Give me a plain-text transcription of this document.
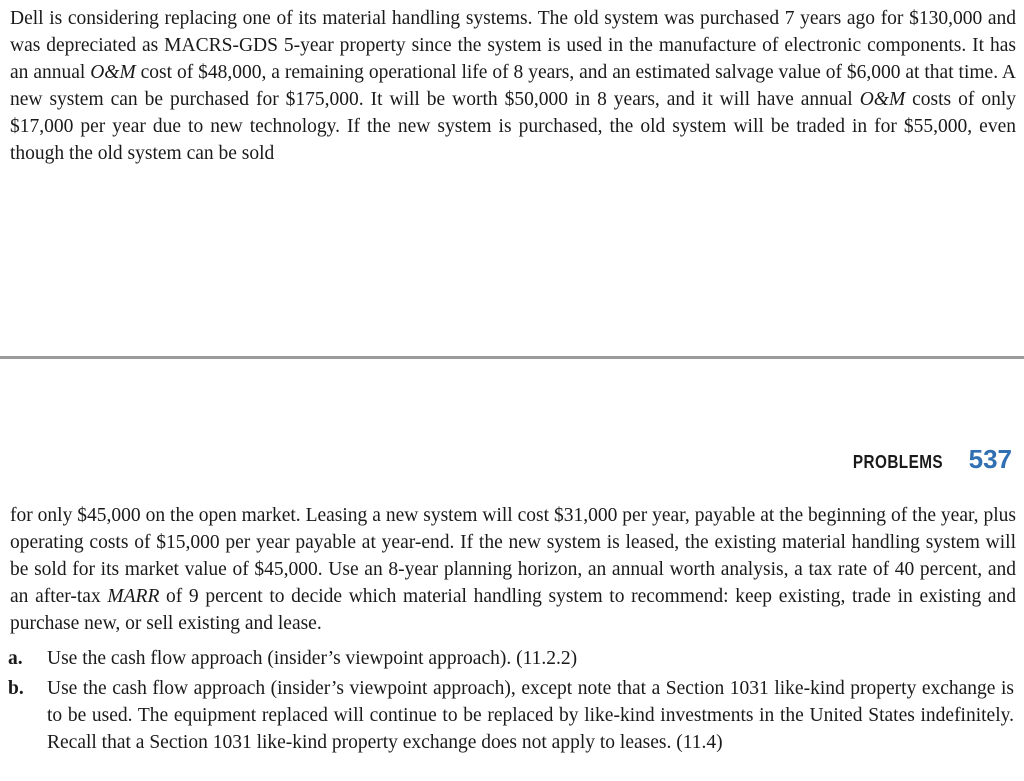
Dell is considering replacing one of its material handling systems. The old system was purchased 7 years ago for $130,000 and was depreciated as MACRS-GDS 5-year property since the system is used in the manufacture of electronic components. It has an annual O&M cost of $48,000, a remaining operational life of 8 years, and an estimated salvage value of $6,000 at that time. A new system can be purchased for $175,000. It will be worth $50,000 in 8 years, and it will have annual O&M costs of only $17,000 per year due to new technology. If the new system is purchased, the old system will be traded in for $55,000, even though the old system can be sold
PROBLEMS 537
for only $45,000 on the open market. Leasing a new system will cost $31,000 per year, payable at the beginning of the year, plus operating costs of $15,000 per year payable at year-end. If the new system is leased, the existing material handling system will be sold for its market value of $45,000. Use an 8-year planning horizon, an annual worth analysis, a tax rate of 40 percent, and an after-tax MARR of 9 percent to decide which material handling system to recommend: keep existing, trade in existing and purchase new, or sell existing and lease.
a.	Use the cash flow approach (insider’s viewpoint approach). (11.2.2)
b.	Use the cash flow approach (insider’s viewpoint approach), except note that a Section 1031 like-kind property exchange is to be used. The equipment replaced will continue to be replaced by like-kind investments in the United States indefinitely. Recall that a Section 1031 like-kind property exchange does not apply to leases. (11.4)
